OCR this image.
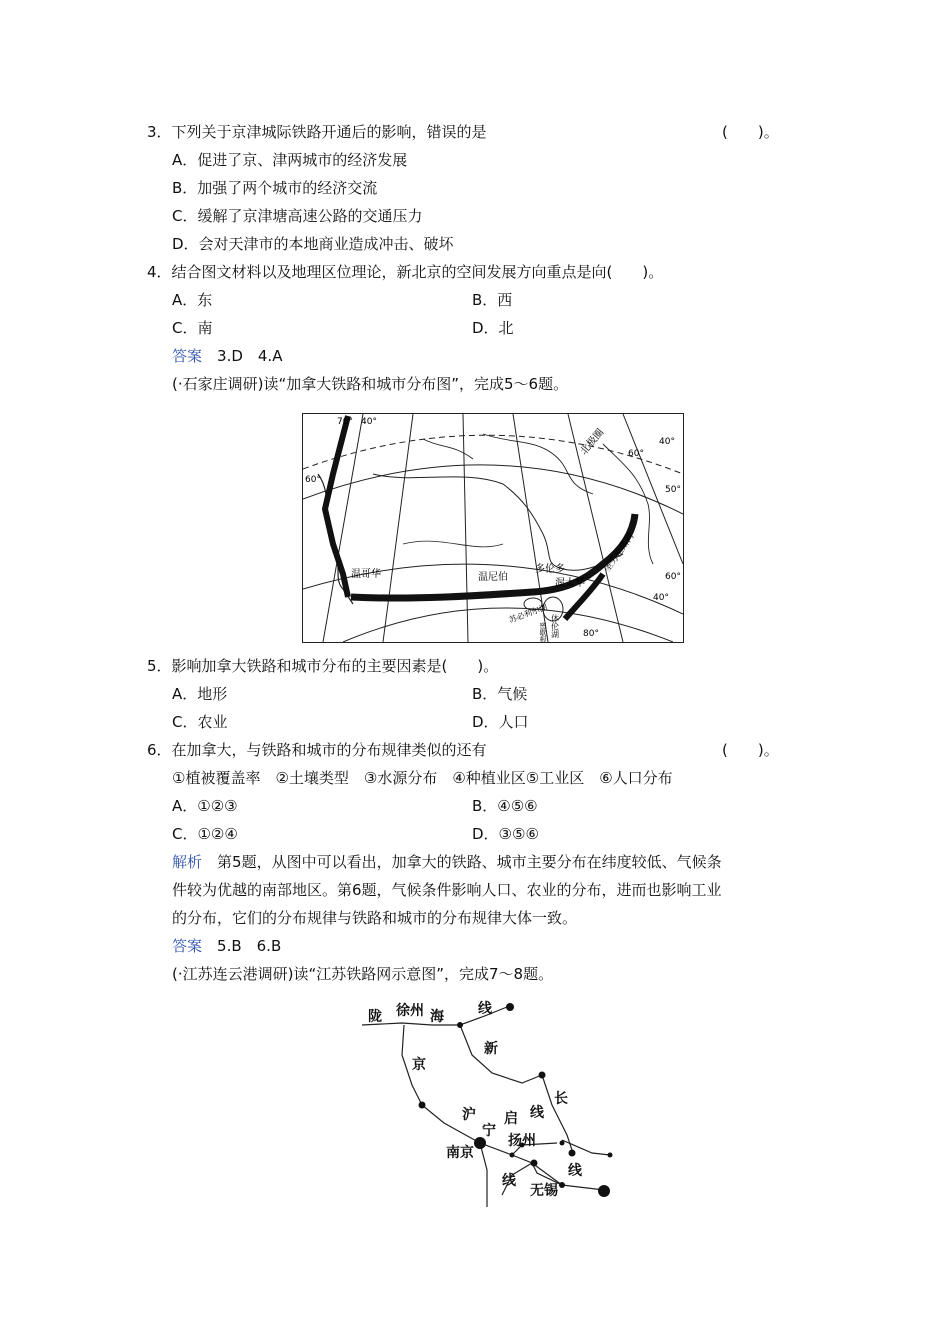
3．下列关于京津城际铁路开通后的影响，错误的是	(　　)。
A．促进了京、津两城市的经济发展
B．加强了两个城市的经济交流
C．缓解了京津塘高速公路的交通压力
D．会对天津市的本地商业造成冲击、破坏
4．结合图文材料以及地理区位理论，新北京的空间发展方向重点是向(　　)。
A．东	B．西
C．南	D．北
答案　 3.D　4.A
(·石家庄调研)读“加拿大铁路和城市分布图”，完成5～6题。
70° 40°
60°
60°
40°
50°
60°
40°
80°
温哥华	温尼伯
多伦多
渥太华
北极圈
圣劳伦斯河
苏必利尔湖
休伦湖
密歇根湖
5．影响加拿大铁路和城市分布的主要因素是(　　)。
A．地形	B．气候
C．农业	D．人口
6．在加拿大，与铁路和城市的分布规律类似的还有	(　　)。
①植被覆盖率　②土壤类型　③水源分布　④种植业区⑤工业区　⑥人口分布
A．①②③	B．④⑤⑥
C．①②④	D．③⑤⑥
解析　 第5题，从图中可以看出，加拿大的铁路、城市主要分布在纬度较低、气候条
件较为优越的南部地区。第6题，气候条件影响人口、农业的分布，进而也影响工业
的分布，它们的分布规律与铁路和城市的分布规律大体一致。
答案　 5.B　6.B
(·江苏连云港调研)读“江苏铁路网示意图”，完成7～8题。
陇 徐州 海 线
新
京
长
沪
宁
启 线
扬州
南京
线
线
无锡
